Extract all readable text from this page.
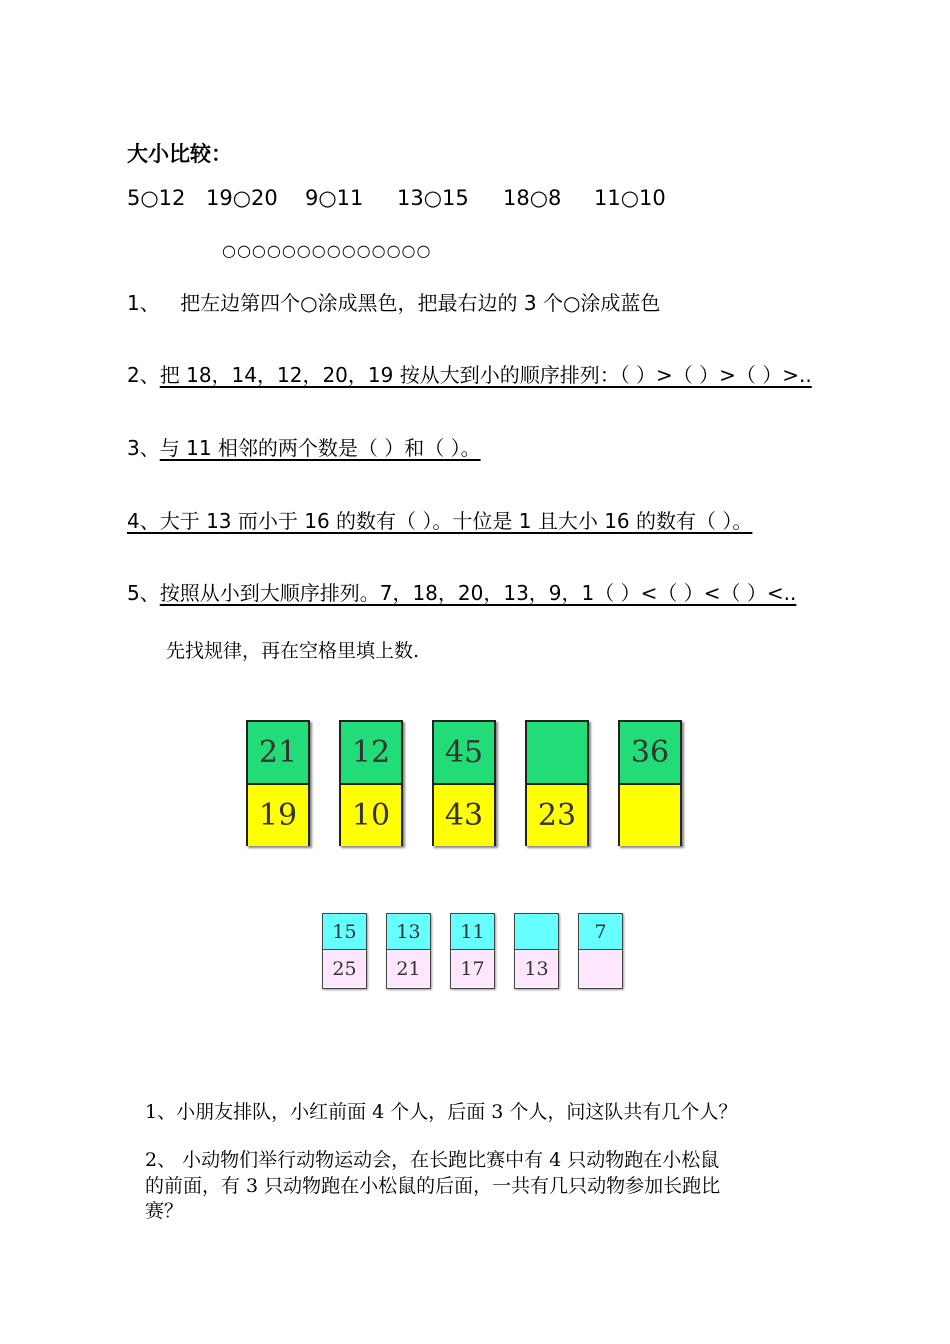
大小比较：
5○12 19○20 9○11 13○15 18○8 11○10
○○○○○○○○○○○○○○
1、 把左边第四个○涂成黑色，把最右边的 3 个○涂成蓝色
2、把 18，14，12，20，19 按从大到小的顺序排列：（ ）>（ ）>（ ）>..
3、与 11 相邻的两个数是（ ）和（ ）。
4、大于 13 而小于 16 的数有（ ）。十位是 1 且大小 16 的数有（ ）。
5、按照从小到大顺序排列。7，18，20，13，9，1（ ）<（ ）<（ ）<..
先找规律，再在空格里填上数.
21
19
12
10
45
43	23
36
15
25
13
21
11
17	13
7
1、小朋友排队，小红前面 4 个人，后面 3 个人，问这队共有几个人？
2、 小动物们举行动物运动会，在长跑比赛中有 4 只动物跑在小松鼠
的前面，有 3 只动物跑在小松鼠的后面，一共有几只动物参加长跑比
赛？
